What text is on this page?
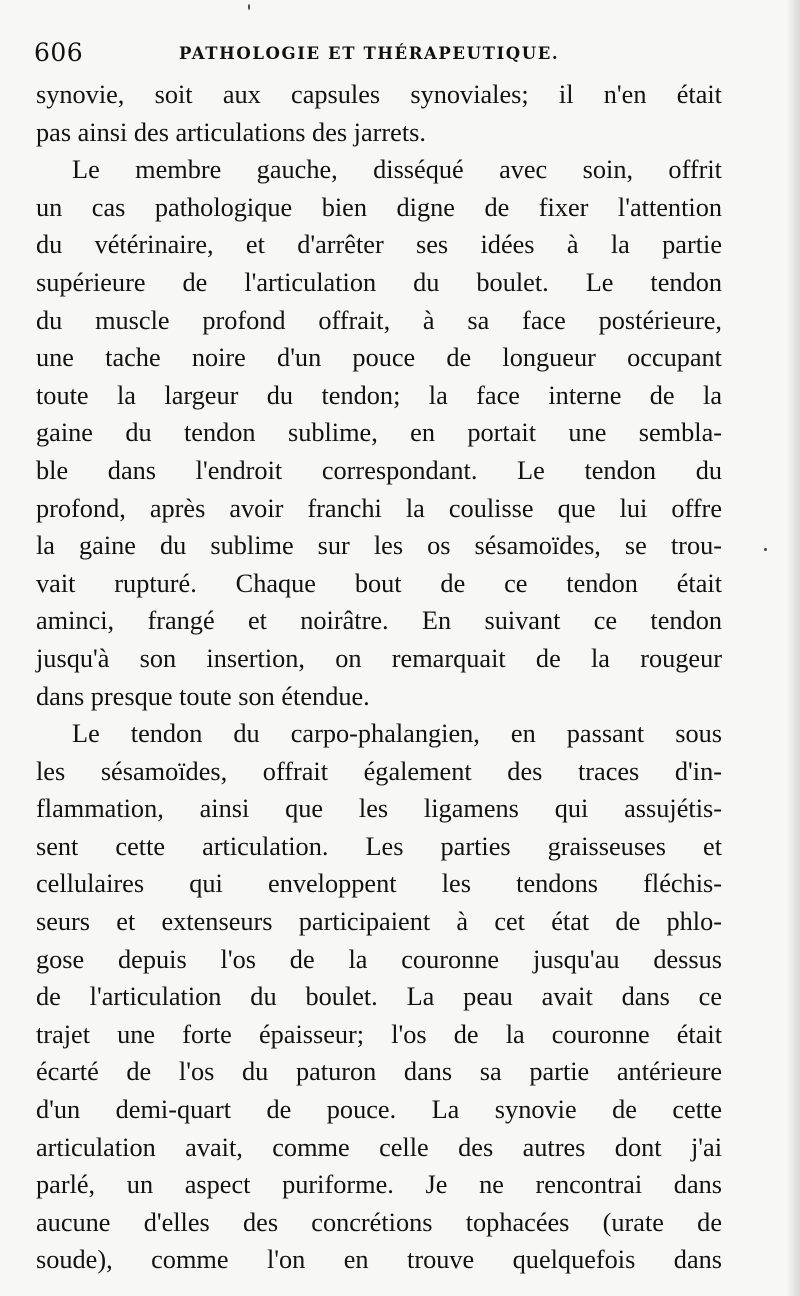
606	PATHOLOGIE ET THÉRAPEUTIQUE.
synovie, soit aux capsules synoviales; il n'en était
pas ainsi des articulations des jarrets.
Le membre gauche, disséqué avec soin, offrit
un cas pathologique bien digne de fixer l'attention
du vétérinaire, et d'arrêter ses idées à la partie
supérieure de l'articulation du boulet. Le tendon
du muscle profond offrait, à sa face postérieure,
une tache noire d'un pouce de longueur occupant
toute la largeur du tendon; la face interne de la
gaine du tendon sublime, en portait une sembla-
ble dans l'endroit correspondant. Le tendon du
profond, après avoir franchi la coulisse que lui offre
la gaine du sublime sur les os sésamoïdes, se trou-
vait rupturé. Chaque bout de ce tendon était
aminci, frangé et noirâtre. En suivant ce tendon
jusqu'à son insertion, on remarquait de la rougeur
dans presque toute son étendue.
Le tendon du carpo-phalangien, en passant sous
les sésamoïdes, offrait également des traces d'in-
flammation, ainsi que les ligamens qui assujétis-
sent cette articulation. Les parties graisseuses et
cellulaires qui enveloppent les tendons fléchis-
seurs et extenseurs participaient à cet état de phlo-
gose depuis l'os de la couronne jusqu'au dessus
de l'articulation du boulet. La peau avait dans ce
trajet une forte épaisseur; l'os de la couronne était
écarté de l'os du paturon dans sa partie antérieure
d'un demi-quart de pouce. La synovie de cette
articulation avait, comme celle des autres dont j'ai
parlé, un aspect puriforme. Je ne rencontrai dans
aucune d'elles des concrétions tophacées (urate de
soude), comme l'on en trouve quelquefois dans
